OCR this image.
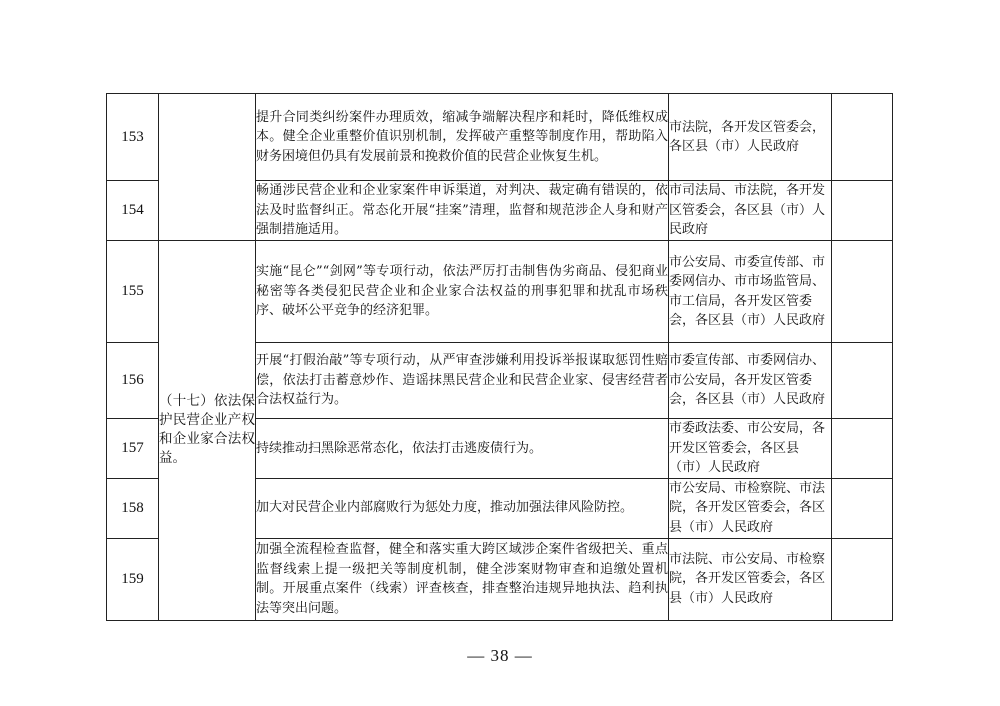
153		提升合同类纠纷案件办理质效，缩减争端解决程序和耗时，降低维权成本。健全企业重整价值识别机制，发挥破产重整等制度作用，帮助陷入财务困境但仍具有发展前景和挽救价值的民营企业恢复生机。	市法院，各开发区管委会，各区县（市）人民政府	
154		畅通涉民营企业和企业家案件申诉渠道，对判决、裁定确有错误的，依法及时监督纠正。常态化开展“挂案”清理，监督和规范涉企人身和财产强制措施适用。	市司法局、市法院，各开发区管委会，各区县（市）人民政府	
155	（十七）依法保护民营企业产权和企业家合法权益。	实施“昆仑”“剑网”等专项行动，依法严厉打击制售伪劣商品、侵犯商业秘密等各类侵犯民营企业和企业家合法权益的刑事犯罪和扰乱市场秩序、破坏公平竞争的经济犯罪。	市公安局、市委宣传部、市委网信办、市市场监管局、市工信局，各开发区管委会，各区县（市）人民政府	
156		开展“打假治敲”等专项行动，从严审查涉嫌利用投诉举报谋取惩罚性赔偿，依法打击蓄意炒作、造谣抹黑民营企业和民营企业家、侵害经营者合法权益行为。	市委宣传部、市委网信办、市公安局，各开发区管委会，各区县（市）人民政府	
157		持续推动扫黑除恶常态化，依法打击逃废债行为。	市委政法委、市公安局，各开发区管委会，各区县（市）人民政府	
158		加大对民营企业内部腐败行为惩处力度，推动加强法律风险防控。	市公安局、市检察院、市法院，各开发区管委会，各区县（市）人民政府	
159		加强全流程检查监督，健全和落实重大跨区域涉企案件省级把关、重点监督线索上提一级把关等制度机制，健全涉案财物审查和追缴处置机制。开展重点案件（线索）评查核查，排查整治违规异地执法、趋利执法等突出问题。	市法院、市公安局、市检察院，各开发区管委会，各区县（市）人民政府	
— 38 —
